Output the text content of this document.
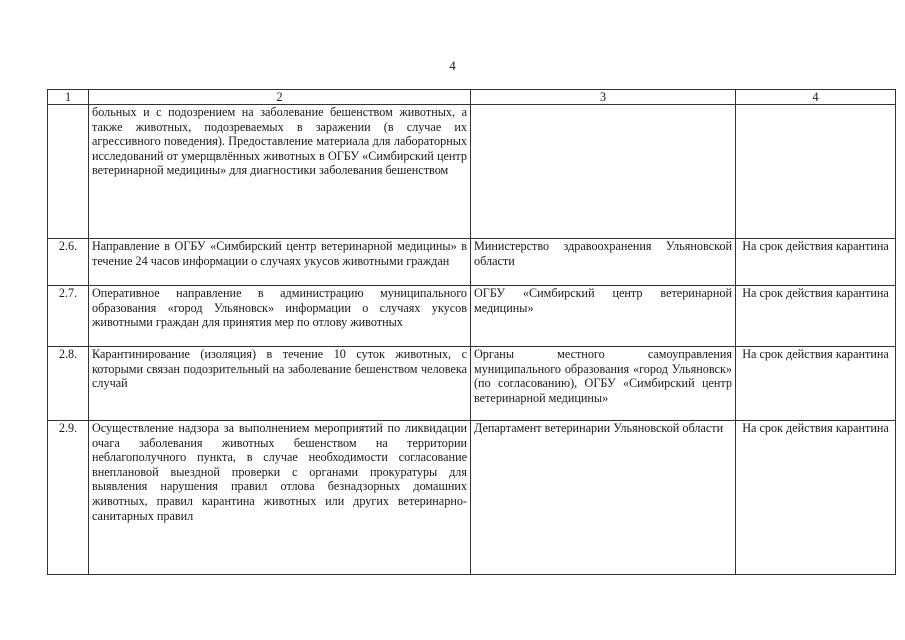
4
1	2	3	4
	больных и с подозрением на заболевание бешенством животных, а также животных, подозреваемых в заражении (в случае их агрессивного поведения). Предоставление материала для лабораторных исследований от умерщвлённых животных в ОГБУ «Симбирский центр ветеринарной медицины» для диагностики заболевания бешенством		
2.6.	Направление в ОГБУ «Симбирский центр ветеринарной медицины» в течение 24 часов информации о случаях укусов животными граждан	Министерство здравоохранения Ульяновской области	На срок действия карантина
2.7.	Оперативное направление в администрацию муниципального образования «город Ульяновск» информации о случаях укусов животными граждан для принятия мер по отлову животных	ОГБУ «Симбирский центр ветеринарной медицины»	На срок действия карантина
2.8.	Карантинирование (изоляция) в течение 10 суток животных, с которыми связан подозрительный на заболевание бешенством человека случай	Органы местного самоуправления муниципального образования «город Ульяновск» (по согласованию), ОГБУ «Симбирский центр ветеринарной медицины»	На срок действия карантина
2.9.	Осуществление надзора за выполнением мероприятий по ликвидации очага заболевания животных бешенством на территории неблагополучного пункта, в случае необходимости согласование внеплановой выездной проверки с органами прокуратуры для выявления нарушения правил отлова безнадзорных домашних животных, правил карантина животных или других ветеринарно-санитарных правил	Департамент ветеринарии Ульяновской области	На срок действия карантина
